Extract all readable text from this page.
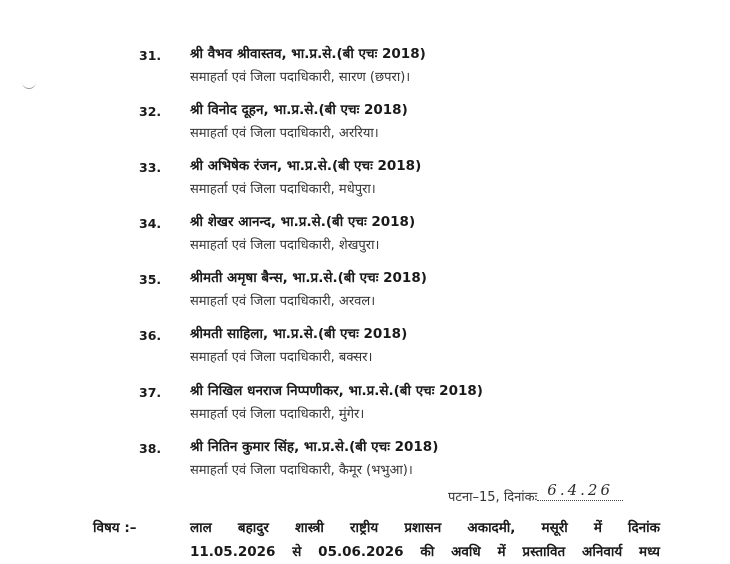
31.	श्री वैभव श्रीवास्तव, भा.प्र.से.(बी एचः 2018)
समाहर्ता एवं जिला पदाधिकारी, सारण (छपरा)।
32.	श्री विनोद दूहन, भा.प्र.से.(बी एचः 2018)
समाहर्ता एवं जिला पदाधिकारी, अररिया।
33.	श्री अभिषेक रंजन, भा.प्र.से.(बी एचः 2018)
समाहर्ता एवं जिला पदाधिकारी, मधेपुरा।
34.	श्री शेखर आनन्द, भा.प्र.से.(बी एचः 2018)
समाहर्ता एवं जिला पदाधिकारी, शेखपुरा।
35.	श्रीमती अमृषा बैन्स, भा.प्र.से.(बी एचः 2018)
समाहर्ता एवं जिला पदाधिकारी, अरवल।
36.	श्रीमती साहिला, भा.प्र.से.(बी एचः 2018)
समाहर्ता एवं जिला पदाधिकारी, बक्सर।
37.	श्री निखिल धनराज निप्पणीकर, भा.प्र.से.(बी एचः 2018)
समाहर्ता एवं जिला पदाधिकारी, मुंगेर।
38.	श्री नितिन कुमार सिंह, भा.प्र.से.(बी एचः 2018)
समाहर्ता एवं जिला पदाधिकारी, कैमूर (भभुआ)।
पटना–15, दिनांकः 6.4.26
विषय :–	लाल बहादुर शास्त्री राष्ट्रीय प्रशासन अकादमी, मसूरी में दिनांक
11.05.2026 से 05.06.2026 की अवधि में प्रस्तावित अनिवार्य मध्य
